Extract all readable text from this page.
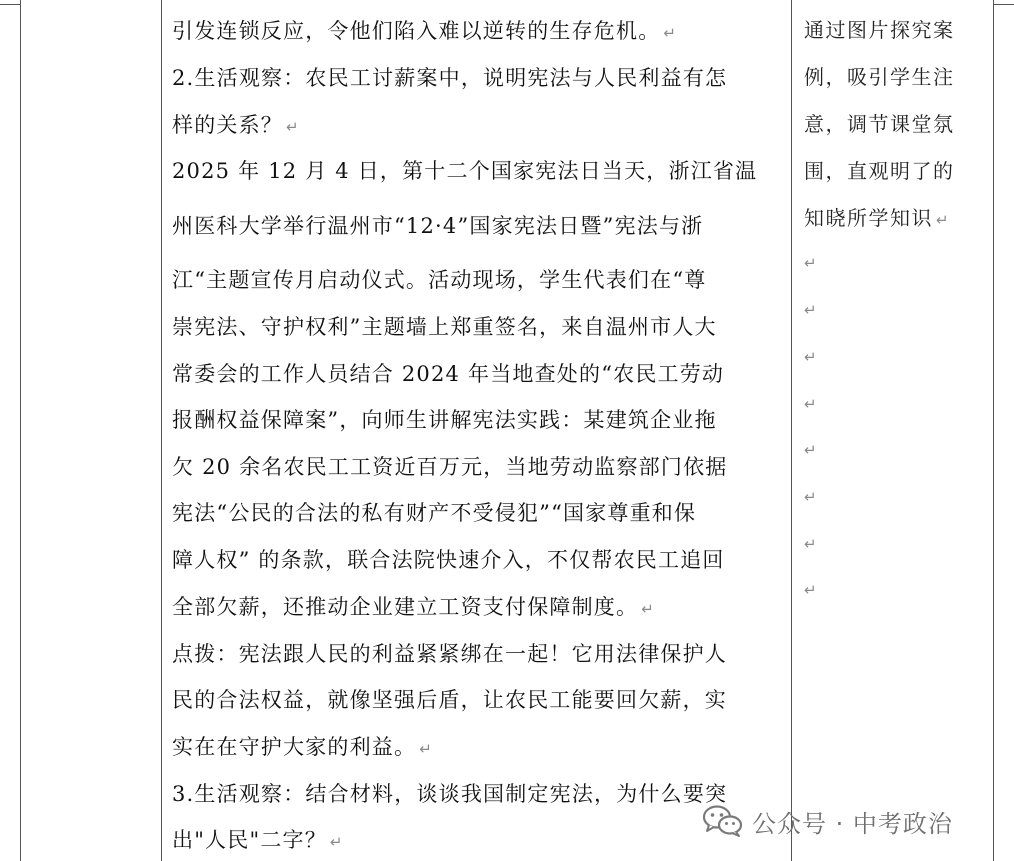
引发连锁反应，令他们陷入难以逆转的生存危机。 ↵
2.生活观察：农民工讨薪案中，说明宪法与人民利益有怎
样的关系？ ↵
2025 年 12 月 4 日，第十二个国家宪法日当天，浙江省温
州医科大学举行温州市“12·4”国家宪法日暨”宪法与浙
江“主题宣传月启动仪式。活动现场，学生代表们在“尊
崇宪法、守护权利”主题墙上郑重签名，来自温州市人大
常委会的工作人员结合 2024 年当地查处的“农民工劳动
报酬权益保障案”，向师生讲解宪法实践：某建筑企业拖
欠 20 余名农民工工资近百万元，当地劳动监察部门依据
宪法“公民的合法的私有财产不受侵犯”“国家尊重和保
障人权” 的条款，联合法院快速介入，不仅帮农民工追回
全部欠薪，还推动企业建立工资支付保障制度。 ↵
点拨：宪法跟人民的利益紧紧绑在一起！它用法律保护人
民的合法权益，就像坚强后盾，让农民工能要回欠薪，实
实在在守护大家的利益。 ↵
3.生活观察：结合材料，谈谈我国制定宪法，为什么要突
出"人民"二字？ ↵
通过图片探究案
例，吸引学生注
意，调节课堂氛
围，直观明了的
知晓所学知识 ↵
↵
↵
↵
↵
↵
↵
↵
↵
公众号 · 中考政治
